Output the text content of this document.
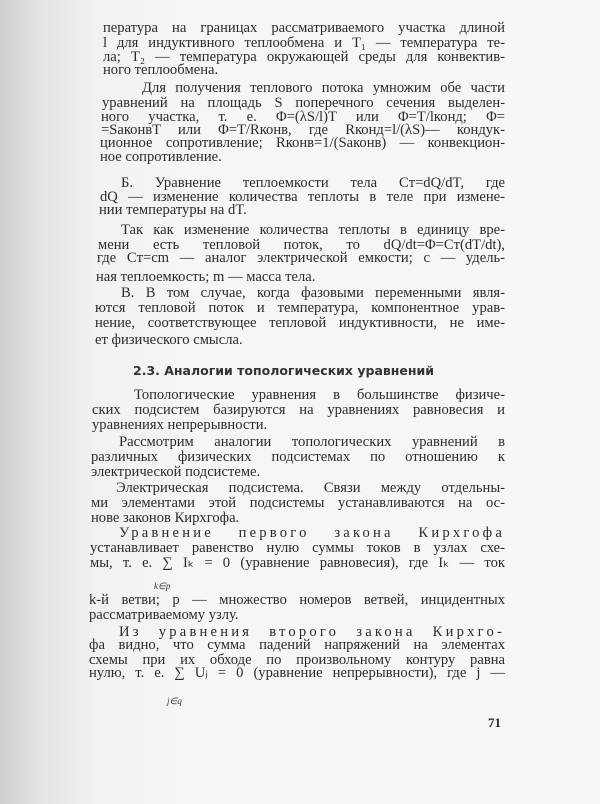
пература на границах рассматриваемого участка длиной
l для индуктивного теплообмена и T₁ — температура те-
ла; T₂ — температура окружающей среды для конвектив-
ного теплообмена.
Для получения теплового потока умножим обе части
уравнений на площадь S поперечного сечения выделен-
ного участка, т. е. Φ=(λS/l)T или Φ=T/lконд; Φ=
=SaконвT или Φ=T/Rконв, где Rконд=l/(λS)— кондук-
ционное сопротивление; Rконв=1/(Saконв) — конвекцион-
ное сопротивление.
Б. Уравнение теплоемкости тела Cт=dQ/dT, где
dQ — изменение количества теплоты в теле при измене-
нии температуры на dT.
Так как изменение количества теплоты в единицу вре-
мени есть тепловой поток, то dQ/dt=Φ=Cт(dT/dt),
где Cт=cm — аналог электрической емкости; c — удель-
ная теплоемкость; m — масса тела.
В. В том случае, когда фазовыми переменными явля-
ются тепловой поток и температура, компонентное урав-
нение, соответствующее тепловой индуктивности, не име-
ет физического смысла.
Топологические уравнения в большинстве физиче-
ских подсистем базируются на уравнениях равновесия и
уравнениях непрерывности.
Рассмотрим аналогии топологических уравнений в
различных физических подсистемах по отношению к
электрической подсистеме.
Электрическая подсистема. Связи между отдельны-
ми элементами этой подсистемы устанавливаются на ос-
нове законов Кирхгофа.
Уравнение первого закона Кирхгофа
устанавливает равенство нулю суммы токов в узлах схе-
мы, т. е. ∑ Iₖ = 0 (уравнение равновесия), где Iₖ — ток
k-й ветви; p — множество номеров ветвей, инцидентных
рассматриваемому узлу.
Из уравнения второго закона Кирхго-
фа видно, что сумма падений напряжений на элементах
схемы при их обходе по произвольному контуру равна
нулю, т. е. ∑ Uⱼ = 0 (уравнение непрерывности), где j —
2.3. Аналогии топологических уравнений
k∈p
j∈q
71
